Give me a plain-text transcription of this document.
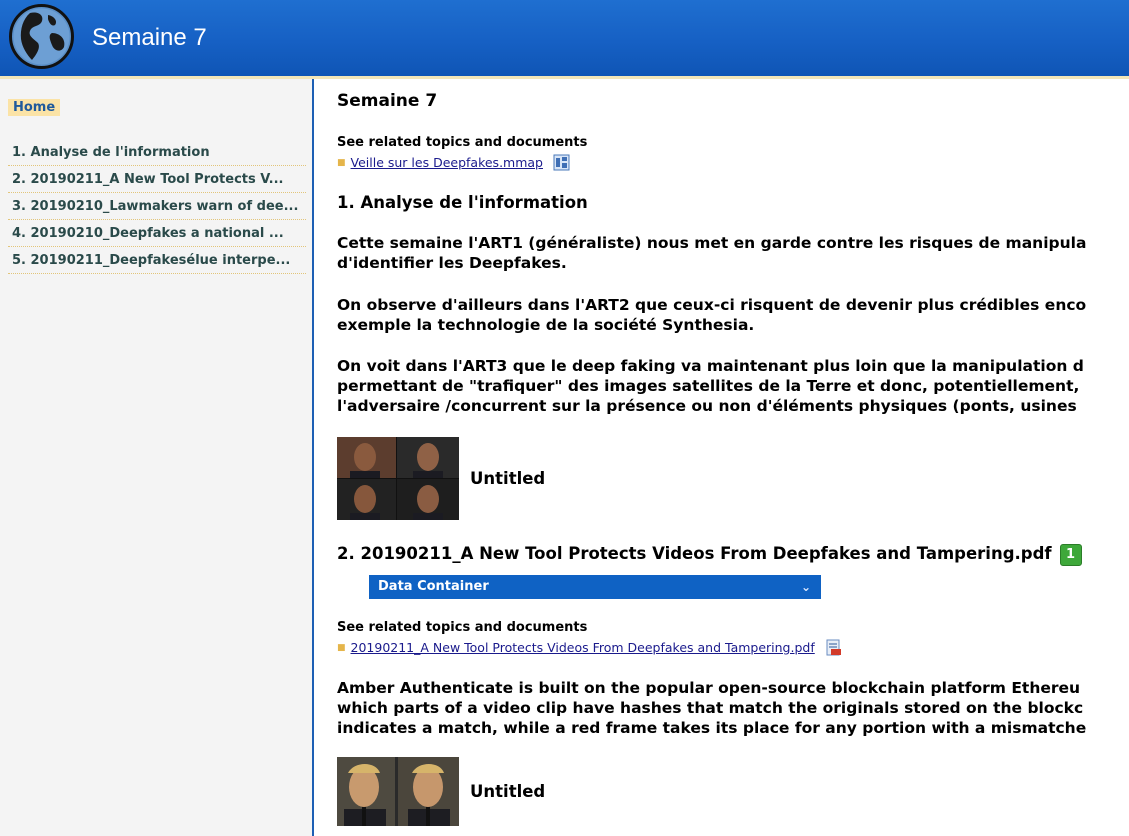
Semaine 7
Home
1. Analyse de l'information
2. 20190211_A New Tool Protects V...
3. 20190210_Lawmakers warn of dee...
4. 20190210_Deepfakes a national ...
5. 20190211_Deepfakesélue interpe...
Semaine 7
See related topics and documents
■ Veille sur les Deepfakes.mmap
1. Analyse de l'information
Cette semaine l'ART1 (généraliste) nous met en garde contre les risques de manipula
d'identifier les Deepfakes.
On observe d'ailleurs dans l'ART2 que ceux-ci risquent de devenir plus crédibles enco
exemple la technologie de la société Synthesia.
On voit dans l'ART3 que le deep faking va maintenant plus loin que la manipulation d
permettant de "trafiquer" des images satellites de la Terre et donc, potentiellement,
l'adversaire /concurrent sur la présence ou non d'éléments physiques (ponts, usines
Untitled
2. 20190211_A New Tool Protects Videos From Deepfakes and Tampering.pdf 1
Data Container	⌄

See related topics and documents
■ 20190211_A New Tool Protects Videos From Deepfakes and Tampering.pdf
Amber Authenticate is built on the popular open-source blockchain platform Ethereu
which parts of a video clip have hashes that match the originals stored on the blockc
indicates a match, while a red frame takes its place for any portion with a mismatche
Untitled
